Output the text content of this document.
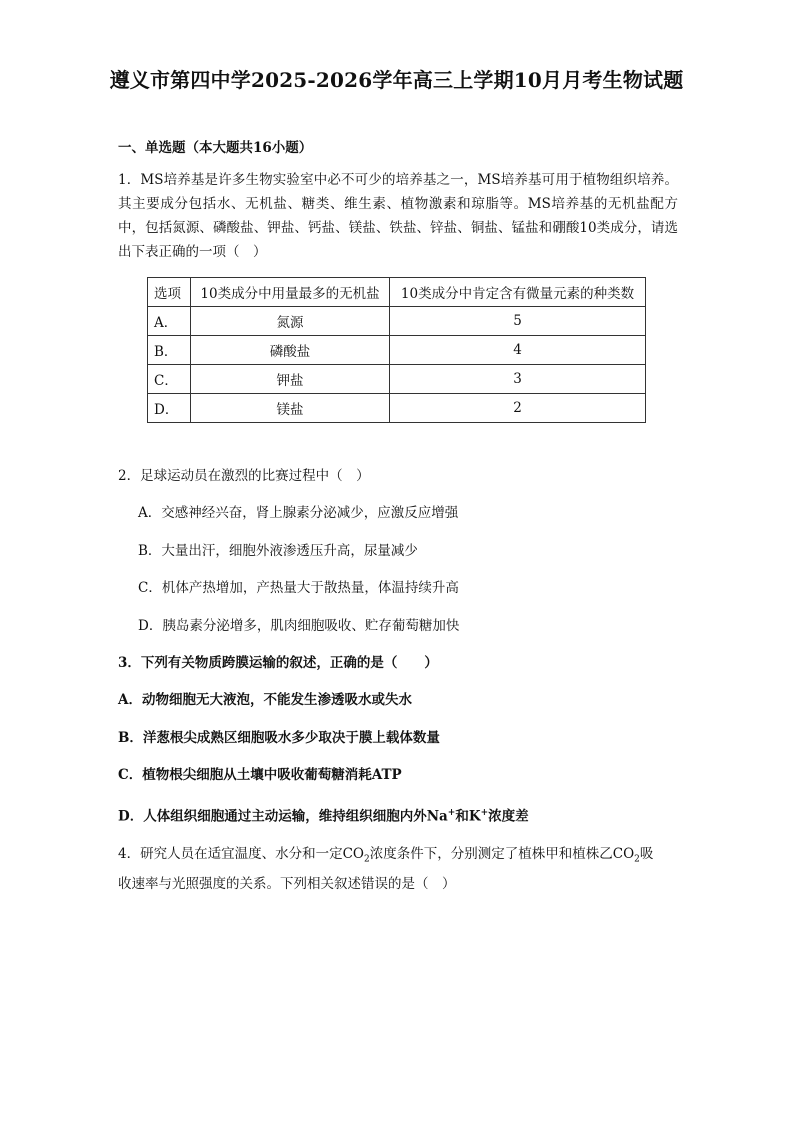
遵义市第四中学2025-2026学年高三上学期10月月考生物试题
一、单选题（本大题共16小题）
1．MS培养基是许多生物实验室中必不可少的培养基之一，MS培养基可用于植物组织培养。其主要成分包括水、无机盐、糖类、维生素、植物激素和琼脂等。MS培养基的无机盐配方中，包括氮源、磷酸盐、钾盐、钙盐、镁盐、铁盐、锌盐、铜盐、锰盐和硼酸10类成分，请选出下表正确的一项（　）
选项	10类成分中用量最多的无机盐	10类成分中肯定含有微量元素的种类数
A．	氮源	5
B．	磷酸盐	4
C．	钾盐	3
D．	镁盐	2
2．足球运动员在激烈的比赛过程中（　）
A．交感神经兴奋，肾上腺素分泌减少，应激反应增强
B．大量出汗，细胞外液渗透压升高，尿量减少
C．机体产热增加，产热量大于散热量，体温持续升高
D．胰岛素分泌增多，肌肉细胞吸收、贮存葡萄糖加快
3．下列有关物质跨膜运输的叙述，正确的是（　　）
A．动物细胞无大液泡，不能发生渗透吸水或失水
B．洋葱根尖成熟区细胞吸水多少取决于膜上载体数量
C．植物根尖细胞从土壤中吸收葡萄糖消耗ATP
D．人体组织细胞通过主动运输，维持组织细胞内外Na+和K+浓度差
4．研究人员在适宜温度、水分和一定$CO_2$浓度条件下，分别测定了植株甲和植株乙$CO_2$吸收速率与光照强度的关系。下列相关叙述错误的是（　）
